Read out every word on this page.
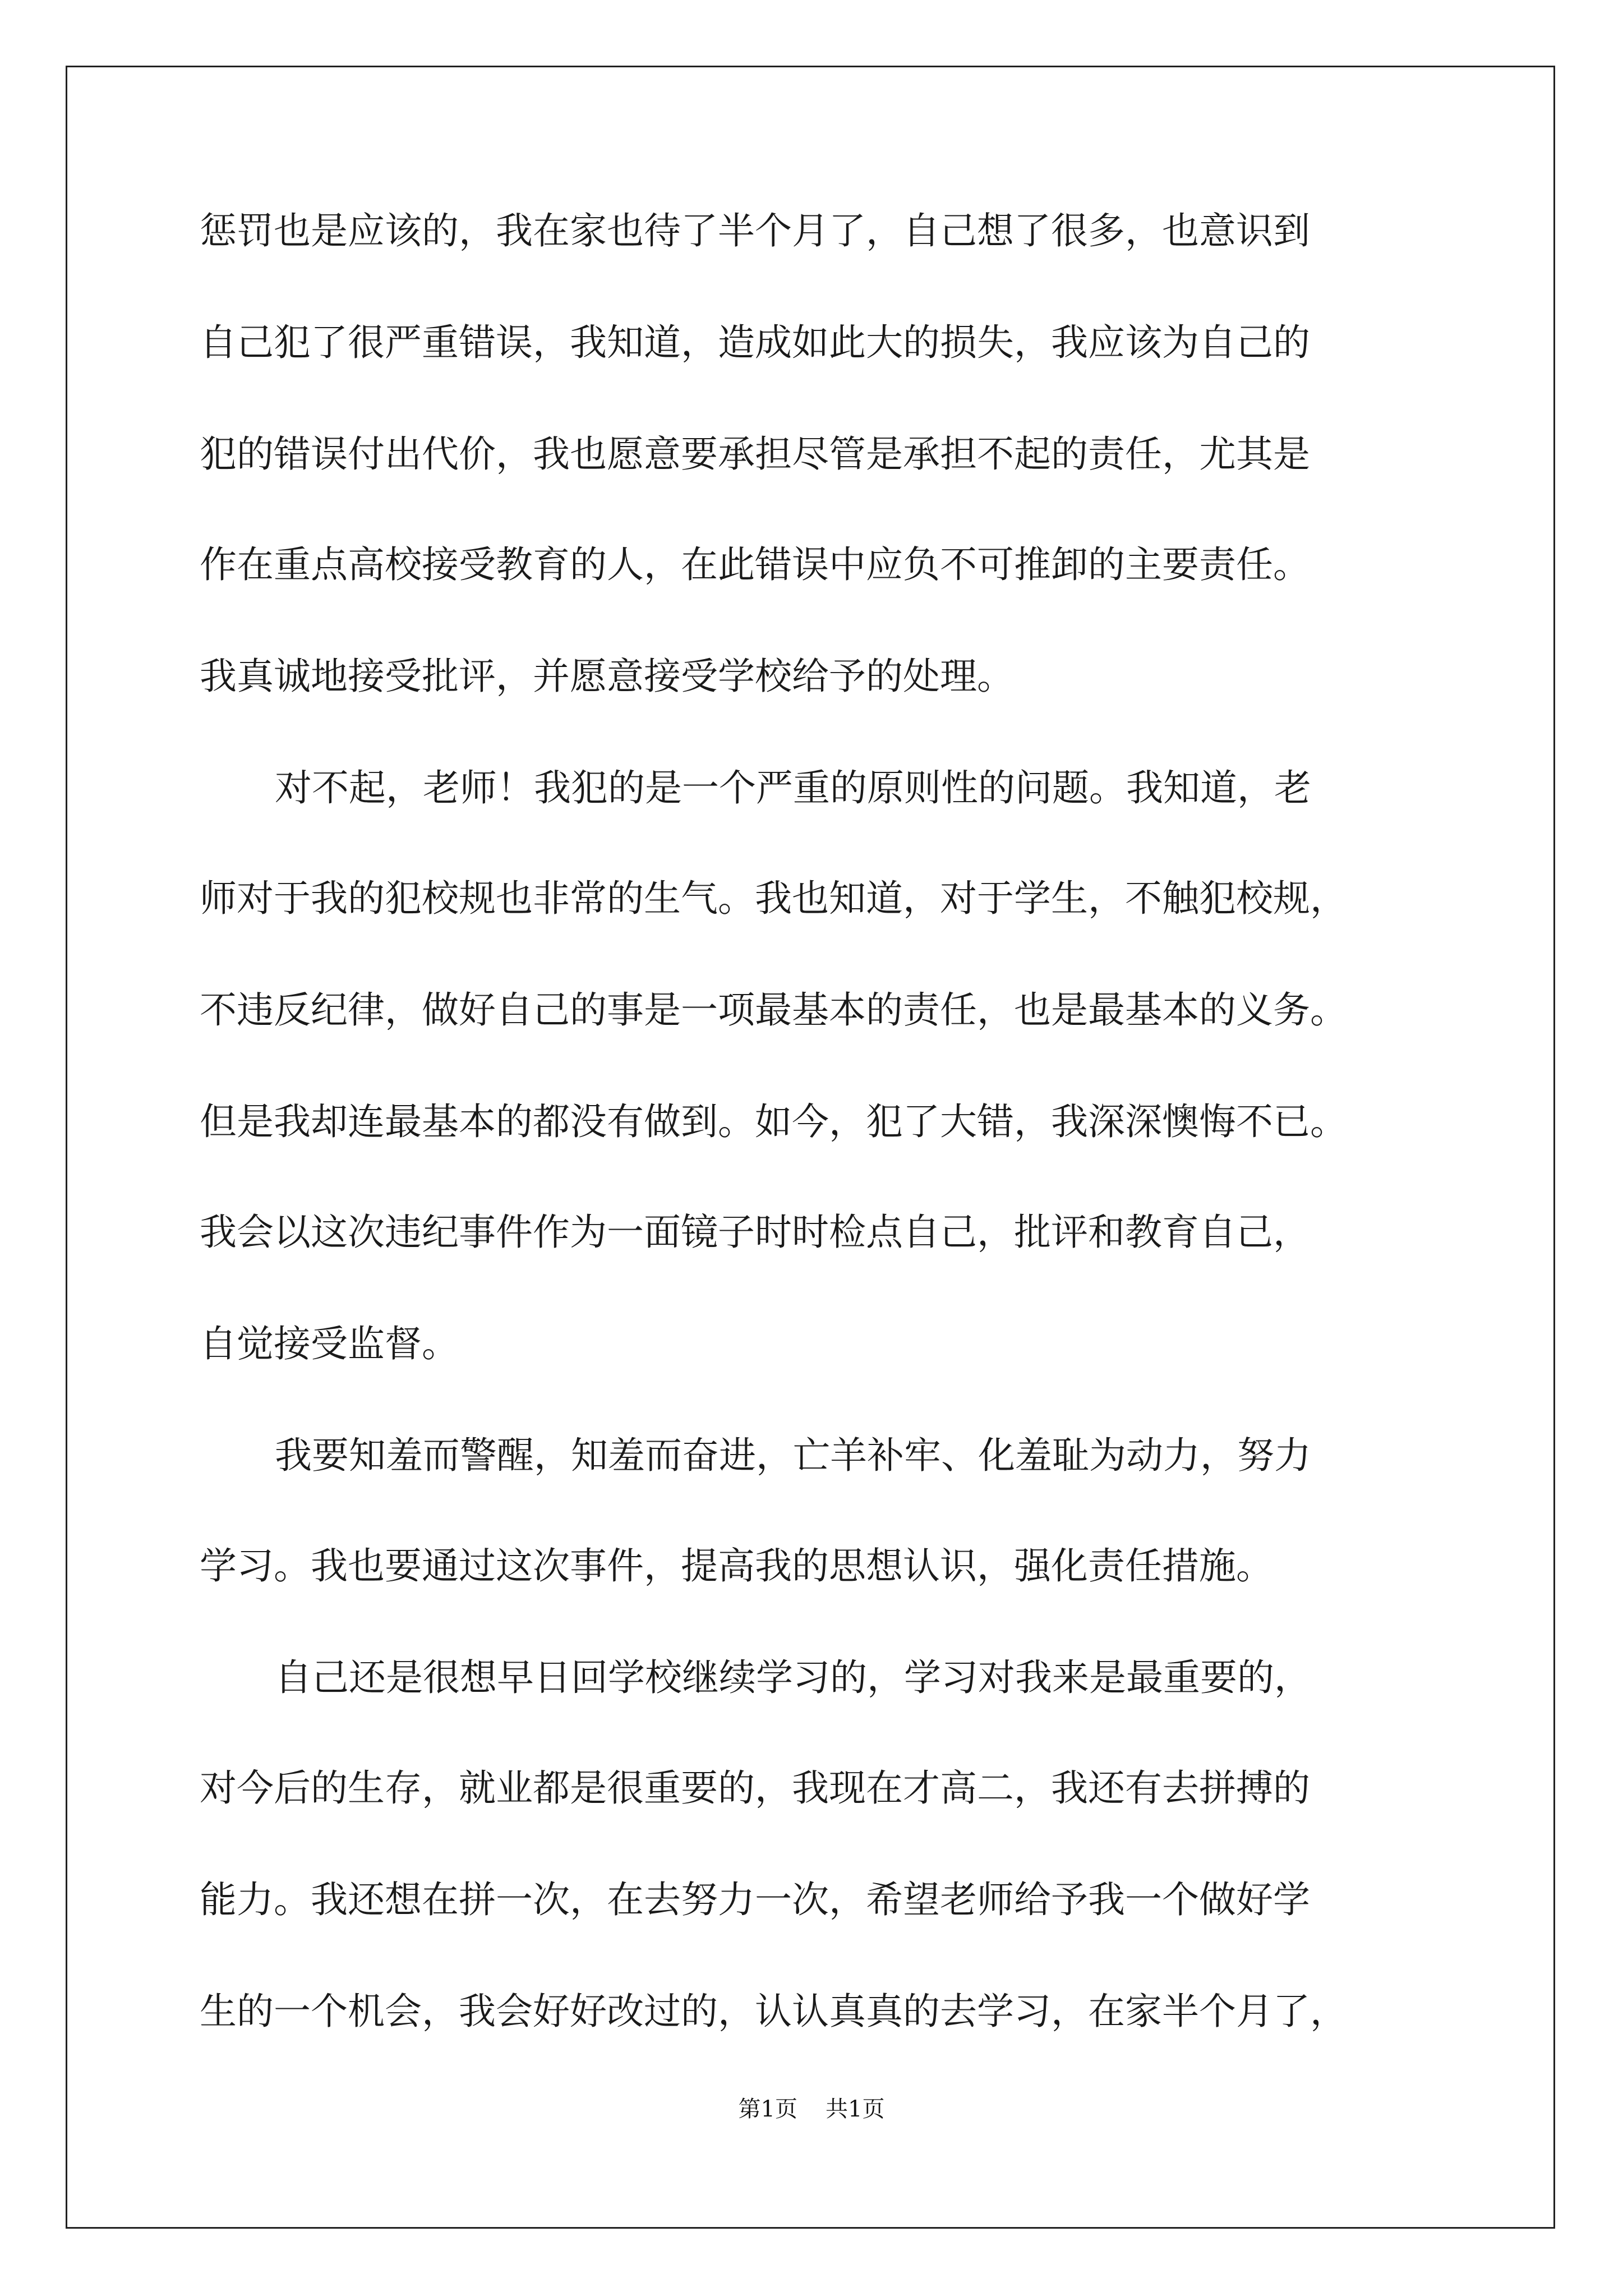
惩罚也是应该的，我在家也待了半个月了，自己想了很多，也意识到
自己犯了很严重错误，我知道，造成如此大的损失，我应该为自己的
犯的错误付出代价，我也愿意要承担尽管是承担不起的责任，尤其是
作在重点高校接受教育的人，在此错误中应负不可推卸的主要责任。
我真诚地接受批评，并愿意接受学校给予的处理。
对不起，老师！我犯的是一个严重的原则性的问题。我知道，老
师对于我的犯校规也非常的生气。我也知道，对于学生，不触犯校规，
不违反纪律，做好自己的事是一项最基本的责任，也是最基本的义务。
但是我却连最基本的都没有做到。如今，犯了大错，我深深懊悔不已。
我会以这次违纪事件作为一面镜子时时检点自己，批评和教育自己，
自觉接受监督。
我要知羞而警醒，知羞而奋进，亡羊补牢、化羞耻为动力，努力
学习。我也要通过这次事件，提高我的思想认识，强化责任措施。
自己还是很想早日回学校继续学习的，学习对我来是最重要的，
对今后的生存，就业都是很重要的，我现在才高二，我还有去拼搏的
能力。我还想在拼一次，在去努力一次，希望老师给予我一个做好学
生的一个机会，我会好好改过的，认认真真的去学习，在家半个月了，
第1页 共1页
